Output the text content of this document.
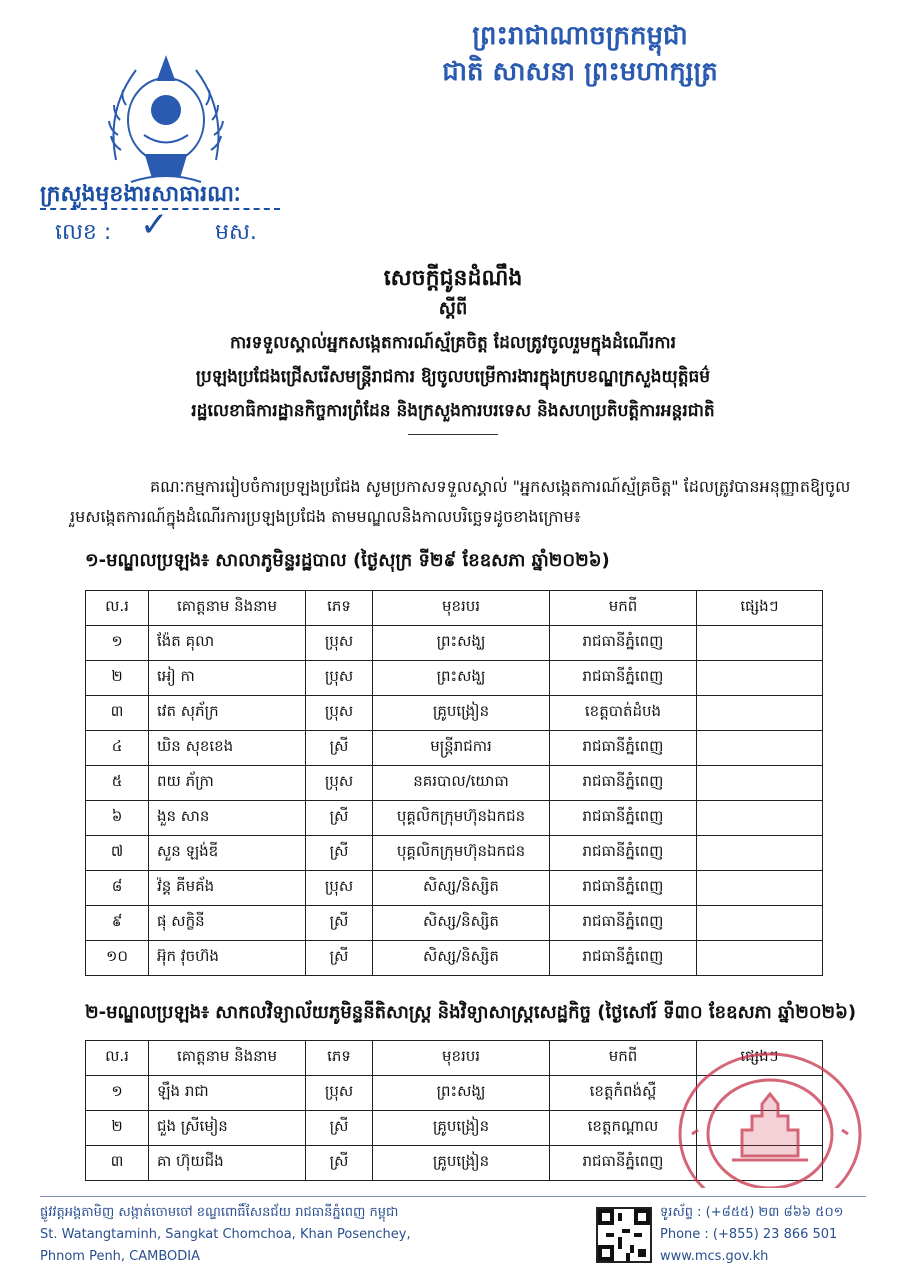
ព្រះរាជាណាចក្រកម្ពុជា
ជាតិ សាសនា ព្រះមហាក្សត្រ
ក្រសួងមុខងារសាធារណៈ
លេខ : ✓ មស.
សេចក្តីជូនដំណឹង
ស្តីពី
ការទទួលស្គាល់អ្នកសង្កេតការណ៍ស្ម័គ្រចិត្ត ដែលត្រូវចូលរួមក្នុងដំណើរការ
ប្រឡងប្រជែងជ្រើសរើសមន្ត្រីរាជការ ឱ្យចូលបម្រើការងារក្នុងក្របខណ្ឌក្រសួងយុត្តិធម៌
រដ្ឋលេខាធិការដ្ឋានកិច្ចការព្រំដែន និងក្រសួងការបរទេស និងសហប្រតិបត្តិការអន្តរជាតិ
គណៈកម្មការរៀបចំការប្រឡងប្រជែង សូមប្រកាសទទួលស្គាល់ "អ្នកសង្កេតការណ៍ស្ម័គ្រចិត្ត" ដែលត្រូវបានអនុញ្ញាតឱ្យចូលរួមសង្កេតការណ៍ក្នុងដំណើរការប្រឡងប្រជែង តាមមណ្ឌលនិងកាលបរិច្ឆេទដូចខាងក្រោម៖
១-មណ្ឌលប្រឡង៖ សាលាភូមិន្ទរដ្ឋបាល (ថ្ងៃសុក្រ ទី២៩ ខែឧសភា ឆ្នាំ២០២៦)
ល.រ	គោត្តនាម និងនាម	ភេទ	មុខរបរ	មកពី	ផ្សេងៗ
១	ង៉ែត គុលា	ប្រុស	ព្រះសង្ឃ	រាជធានីភ្នំពេញ	
២	អៀ កា	ប្រុស	ព្រះសង្ឃ	រាជធានីភ្នំពេញ	
៣	វេត សុភ័ក្រ	ប្រុស	គ្រូបង្រៀន	ខេត្តបាត់ដំបង	
៤	ឃិន សុខខេង	ស្រី	មន្ត្រីរាជការ	រាជធានីភ្នំពេញ	
៥	ពយ ភ័ក្រា	ប្រុស	នគរបាល/យោធា	រាជធានីភ្នំពេញ	
៦	ងួន សាន	ស្រី	បុគ្គលិកក្រុមហ៊ុនឯកជន	រាជធានីភ្នំពេញ	
៧	សួន ឡង់ឌី	ស្រី	បុគ្គលិកក្រុមហ៊ុនឯកជន	រាជធានីភ្នំពេញ	
៨	វ៉ន្ត គីមគ័ង	ប្រុស	សិស្ស/និស្សិត	រាជធានីភ្នំពេញ	
៩	ផុ សក្ខិនី	ស្រី	សិស្ស/និស្សិត	រាជធានីភ្នំពេញ	
១០	អ៊ុក វុចហ៊ង	ស្រី	សិស្ស/និស្សិត	រាជធានីភ្នំពេញ	
២-មណ្ឌលប្រឡង៖ សាកលវិទ្យាល័យភូមិន្ទនីតិសាស្ត្រ និងវិទ្យាសាស្ត្រសេដ្ឋកិច្ច (ថ្ងៃសៅរ៍ ទី៣០ ខែឧសភា ឆ្នាំ២០២៦)
ល.រ	គោត្តនាម និងនាម	ភេទ	មុខរបរ	មកពី	ផ្សេងៗ
១	ឡឹង រាជា	ប្រុស	ព្រះសង្ឃ	ខេត្តកំពង់ស្ពឺ	
២	ជួង ស្រីមៀន	ស្រី	គ្រូបង្រៀន	ខេត្តកណ្តាល	
៣	គា ហ៊ុយជីង	ស្រី	គ្រូបង្រៀន	រាជធានីភ្នំពេញ	
ផ្លូវវត្តអង្គតាមិញ សង្កាត់ចោមចៅ ខណ្ឌពោធិ៍សែនជ័យ រាជធានីភ្នំពេញ កម្ពុជា
St. Watangtaminh, Sangkat Chomchoa, Khan Posenchey,
Phnom Penh, CAMBODIA
ទូរស័ព្ទ : (+៨៥៥) ២៣ ៨៦៦ ៥០១
Phone : (+855) 23 866 501
www.mcs.gov.kh
